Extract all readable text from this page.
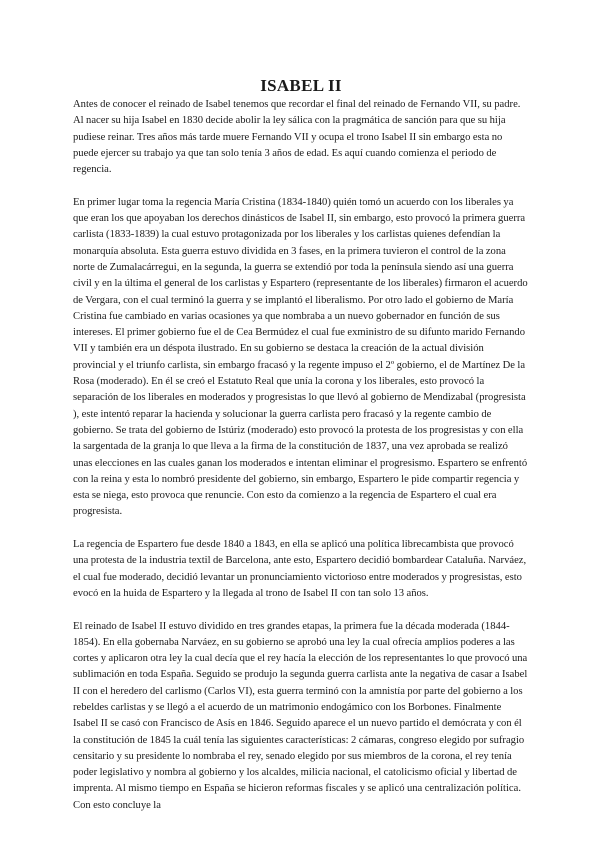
ISABEL II

Antes de conocer el reinado de Isabel tenemos que recordar el final del reinado de Fernando VII, su padre. Al nacer su hija Isabel en 1830 decide abolir la ley sálica con la pragmática de sanción para que su hija pudiese reinar. Tres años más tarde muere Fernando VII y ocupa el trono Isabel II sin embargo esta no puede ejercer su trabajo ya que tan solo tenía 3 años de edad. Es aquí cuando comienza el periodo de regencia.

En primer lugar toma la regencia María Cristina (1834-1840) quién tomó un acuerdo con los liberales ya que eran los que apoyaban los derechos dinásticos de Isabel II, sin embargo, esto provocó la primera guerra carlista (1833-1839) la cual estuvo protagonizada por los liberales y los carlistas quienes defendían la monarquía absoluta. Esta guerra estuvo dividida en 3 fases, en la primera tuvieron el control de la zona norte de Zumalacárregui, en la segunda, la guerra se extendió por toda la península siendo así una guerra civil y en la última el general de los carlistas y Espartero (representante de los liberales) firmaron el acuerdo de Vergara, con el cual terminó la guerra y se implantó el liberalismo. Por otro lado el gobierno de María Cristina fue cambiado en varias ocasiones ya que nombraba a un nuevo gobernador en función de sus intereses. El primer gobierno fue el de Cea Bermúdez el cual fue exministro de su difunto marido Fernando VII y también era un déspota ilustrado. En su gobierno se destaca la creación de la actual división provincial y el triunfo carlista, sin embargo fracasó y la regente impuso el 2º gobierno, el de Martínez De la Rosa (moderado). En él se creó el Estatuto Real que unía la corona y los liberales, esto provocó la separación de los liberales en moderados y progresistas lo que llevó al gobierno de Mendizabal (progresista ), este intentó reparar la hacienda y solucionar la guerra carlista pero fracasó y la regente cambio de gobierno. Se trata del gobierno de Istúriz (moderado) esto provocó la protesta de los progresistas y con ella la sargentada de la granja lo que lleva a la firma de la constitución de 1837, una vez aprobada se realizó unas elecciones en las cuales ganan los moderados e intentan eliminar el progresismo. Espartero se enfrentó con la reina y esta lo nombró presidente del gobierno, sin embargo, Espartero le pide compartir regencia y esta se niega, esto provoca que renuncie. Con esto da comienzo a la regencia de Espartero el cual era progresista.

La regencia de Espartero fue desde 1840 a 1843, en ella se aplicó una política librecambista que provocó una protesta de la industria textil de Barcelona, ante esto, Espartero decidió bombardear Cataluña. Narváez, el cual fue moderado, decidió levantar un pronunciamiento victorioso entre moderados y progresistas, esto evocó en la huida de Espartero y la llegada al trono de Isabel II con tan solo 13 años.

El reinado de Isabel II estuvo dividido en tres grandes etapas, la primera fue la década moderada (1844-1854). En ella gobernaba Narváez, en su gobierno se aprobó una ley la cual ofrecía amplios poderes a las cortes y aplicaron otra ley la cual decía que el rey hacía la elección de los representantes lo que provocó una sublimación en toda España. Seguido se produjo la segunda guerra carlista ante la negativa de casar a Isabel II con el heredero del carlismo (Carlos VI), esta guerra terminó con la amnistía por parte del gobierno a los rebeldes carlistas y se llegó a el acuerdo de un matrimonio endogámico con los Borbones. Finalmente Isabel II se casó con Francisco de Asís en 1846. Seguido aparece el un nuevo partido el demócrata y con él la constitución de 1845 la cuál tenía las siguientes características: 2 cámaras, congreso elegido por sufragio censitario y su presidente lo nombraba el rey, senado elegido por sus miembros de la corona, el rey tenía poder legislativo y nombra al gobierno y los alcaldes, milicia nacional, el catolicismo oficial y libertad de imprenta. Al mismo tiempo en España se hicieron reformas fiscales y se aplicó una centralización política. Con esto concluye la
